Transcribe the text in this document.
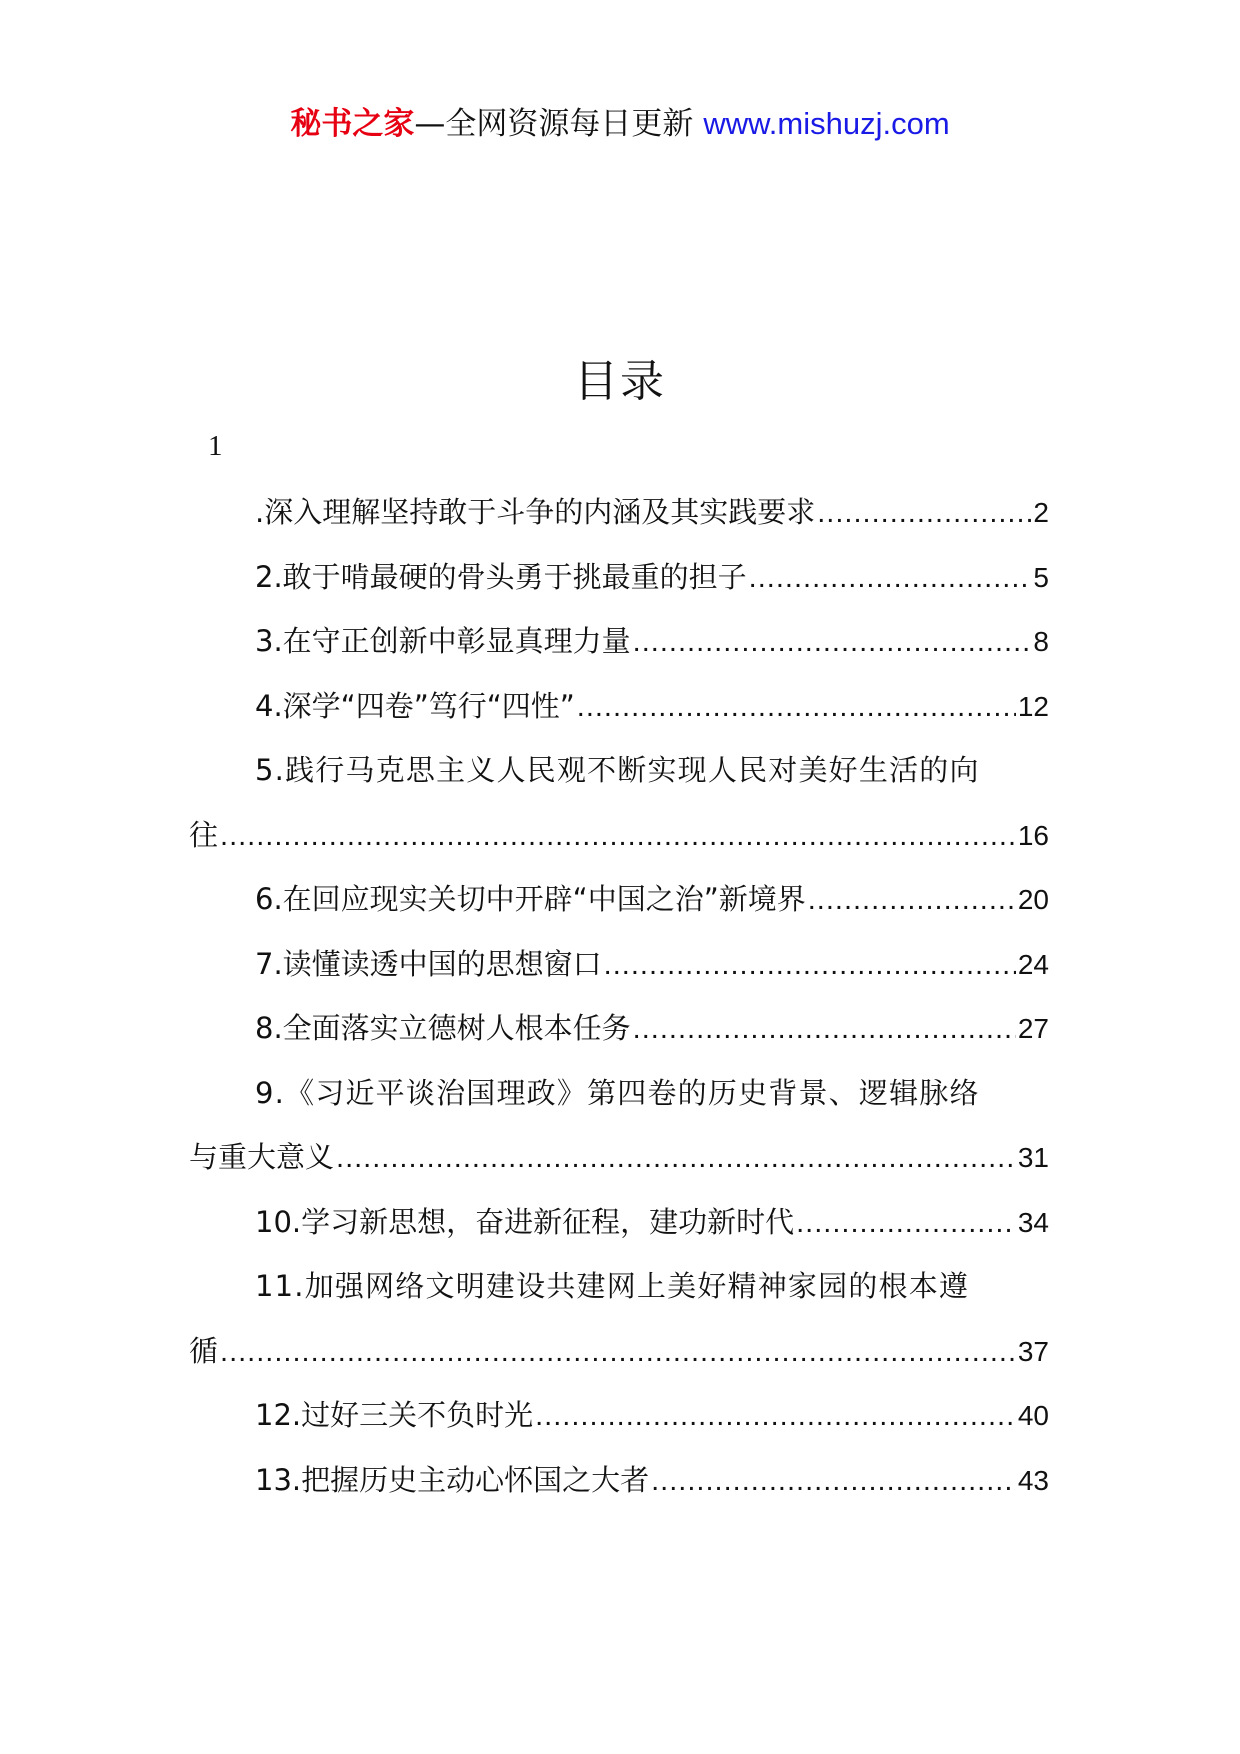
秘书之家—全网资源每日更新 www.mishuzj.com
目录
1
.深入理解坚持敢于斗争的内涵及其实践要求 .....	2
2.敢于啃最硬的骨头勇于挑最重的担子 .....	5
3.在守正创新中彰显真理力量 .....	8
4.深学“四卷”笃行“四性” .....	12
5.践行马克思主义人民观不断实现人民对美好生活的向
往 .....	16
6.在回应现实关切中开辟“中国之治”新境界 .....	20
7.读懂读透中国的思想窗口 .....	24
8.全面落实立德树人根本任务 .....	27
9.《习近平谈治国理政》第四卷的历史背景、逻辑脉络
与重大意义 .....	31
10.学习新思想，奋进新征程，建功新时代 .....	34
11.加强网络文明建设共建网上美好精神家园的根本遵
循 .....	37
12.过好三关不负时光 .....	40
13.把握历史主动心怀国之大者 .....	43
